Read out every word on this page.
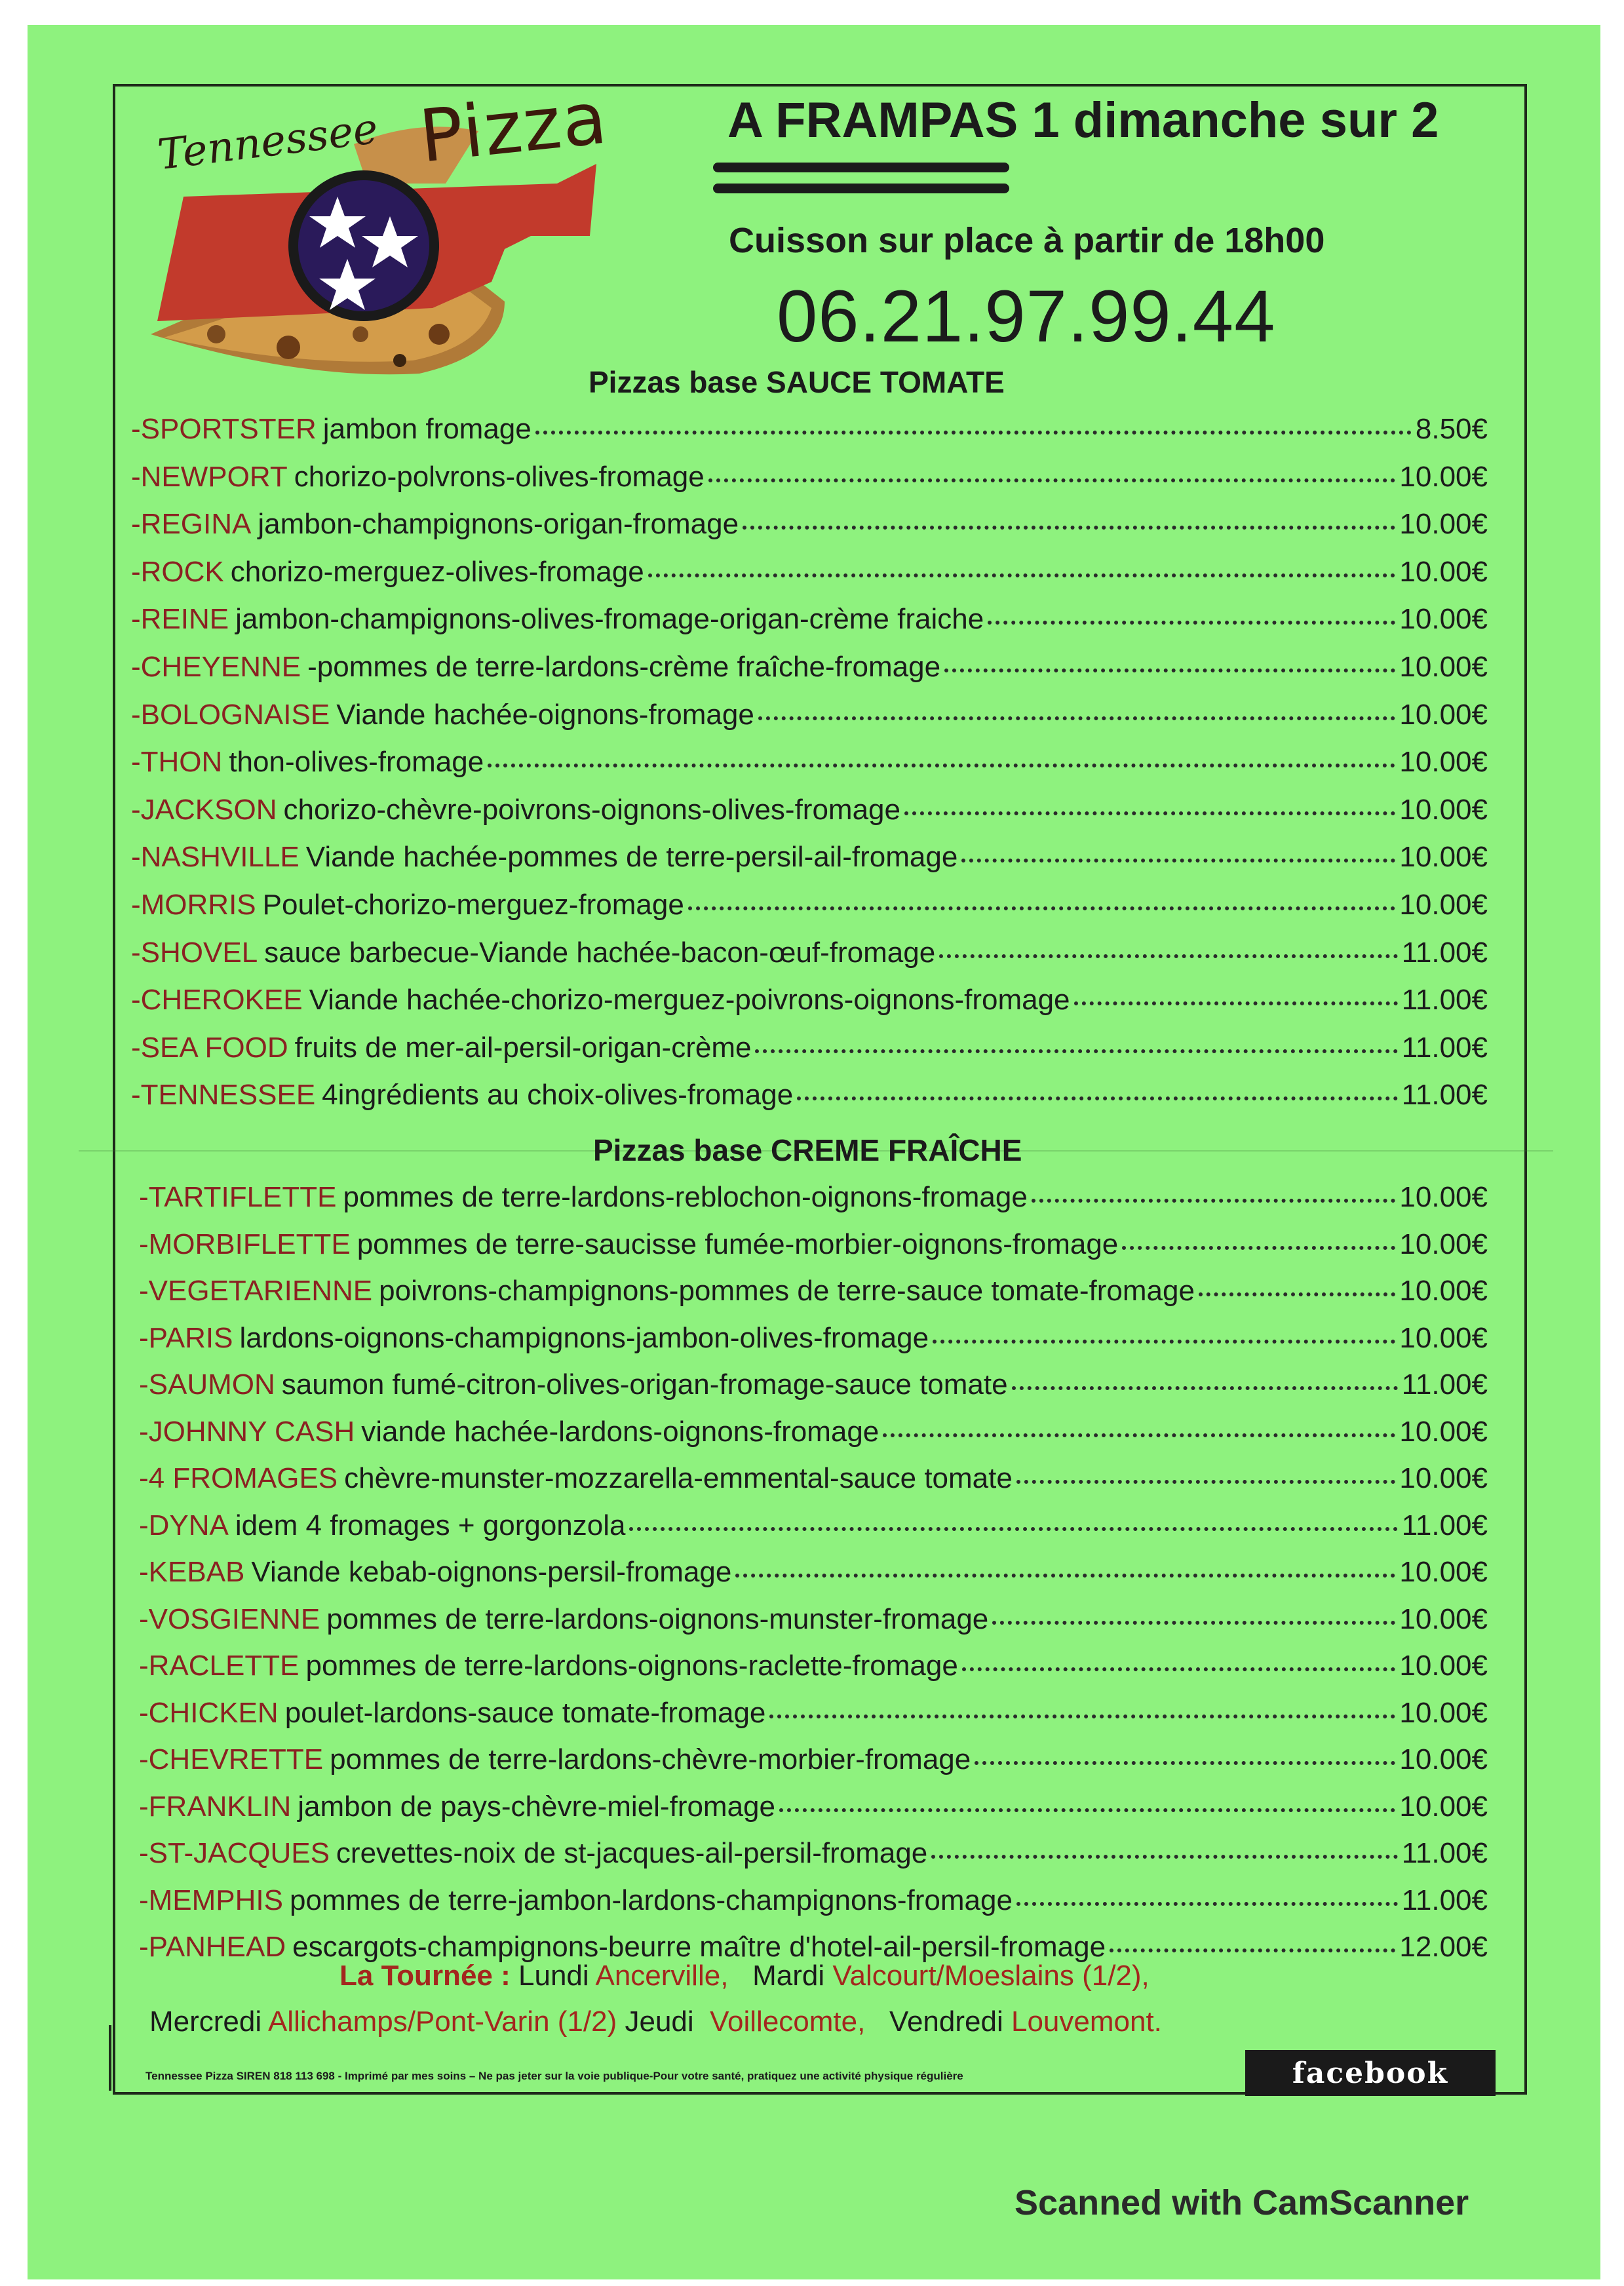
Tennessee Pizza A FRAMPAS 1 dimanche sur 2
Cuisson sur place à partir de 18h00
06.21.97.99.44
Pizzas base SAUCE TOMATE
-SPORTSTER jambon fromage	8.50€
-NEWPORT chorizo-polvrons-olives-fromage	10.00€
-REGINA jambon-champignons-origan-fromage	10.00€
-ROCK chorizo-merguez-olives-fromage	10.00€
-REINE jambon-champignons-olives-fromage-origan-crème fraiche	10.00€
-CHEYENNE -pommes de terre-lardons-crème fraîche-fromage	10.00€
-BOLOGNAISE Viande hachée-oignons-fromage	10.00€
-THON thon-olives-fromage	10.00€
-JACKSON chorizo-chèvre-poivrons-oignons-olives-fromage	10.00€
-NASHVILLE Viande hachée-pommes de terre-persil-ail-fromage	10.00€
-MORRIS Poulet-chorizo-merguez-fromage	10.00€
-SHOVEL sauce barbecue-Viande hachée-bacon-œuf-fromage	11.00€
-CHEROKEE Viande hachée-chorizo-merguez-poivrons-oignons-fromage	11.00€
-SEA FOOD fruits de mer-ail-persil-origan-crème	11.00€
-TENNESSEE 4ingrédients au choix-olives-fromage	11.00€
Pizzas base CREME FRAÎCHE
-TARTIFLETTE pommes de terre-lardons-reblochon-oignons-fromage	10.00€
-MORBIFLETTE pommes de terre-saucisse fumée-morbier-oignons-fromage	10.00€
-VEGETARIENNE poivrons-champignons-pommes de terre-sauce tomate-fromage	10.00€
-PARIS lardons-oignons-champignons-jambon-olives-fromage	10.00€
-SAUMON saumon fumé-citron-olives-origan-fromage-sauce tomate	11.00€
-JOHNNY CASH viande hachée-lardons-oignons-fromage	10.00€
-4 FROMAGES chèvre-munster-mozzarella-emmental-sauce tomate	10.00€
-DYNA idem 4 fromages + gorgonzola	11.00€
-KEBAB Viande kebab-oignons-persil-fromage	10.00€
-VOSGIENNE pommes de terre-lardons-oignons-munster-fromage	10.00€
-RACLETTE pommes de terre-lardons-oignons-raclette-fromage	10.00€
-CHICKEN poulet-lardons-sauce tomate-fromage	10.00€
-CHEVRETTE pommes de terre-lardons-chèvre-morbier-fromage	10.00€
-FRANKLIN jambon de pays-chèvre-miel-fromage	10.00€
-ST-JACQUES crevettes-noix de st-jacques-ail-persil-fromage	11.00€
-MEMPHIS pommes de terre-jambon-lardons-champignons-fromage	11.00€
-PANHEAD escargots-champignons-beurre maître d'hotel-ail-persil-fromage	12.00€
La Tournée : Lundi Ancerville, Mardi Valcourt/Moeslains (1/2),
Mercredi Allichamps/Pont-Varin (1/2) Jeudi Voillecomte, Vendredi Louvemont.
Tennessee Pizza SIREN 818 113 698 - Imprimé par mes soins – Ne pas jeter sur la voie publique-Pour votre santé, pratiquez une activité physique régulière	facebook
Scanned with CamScanner
